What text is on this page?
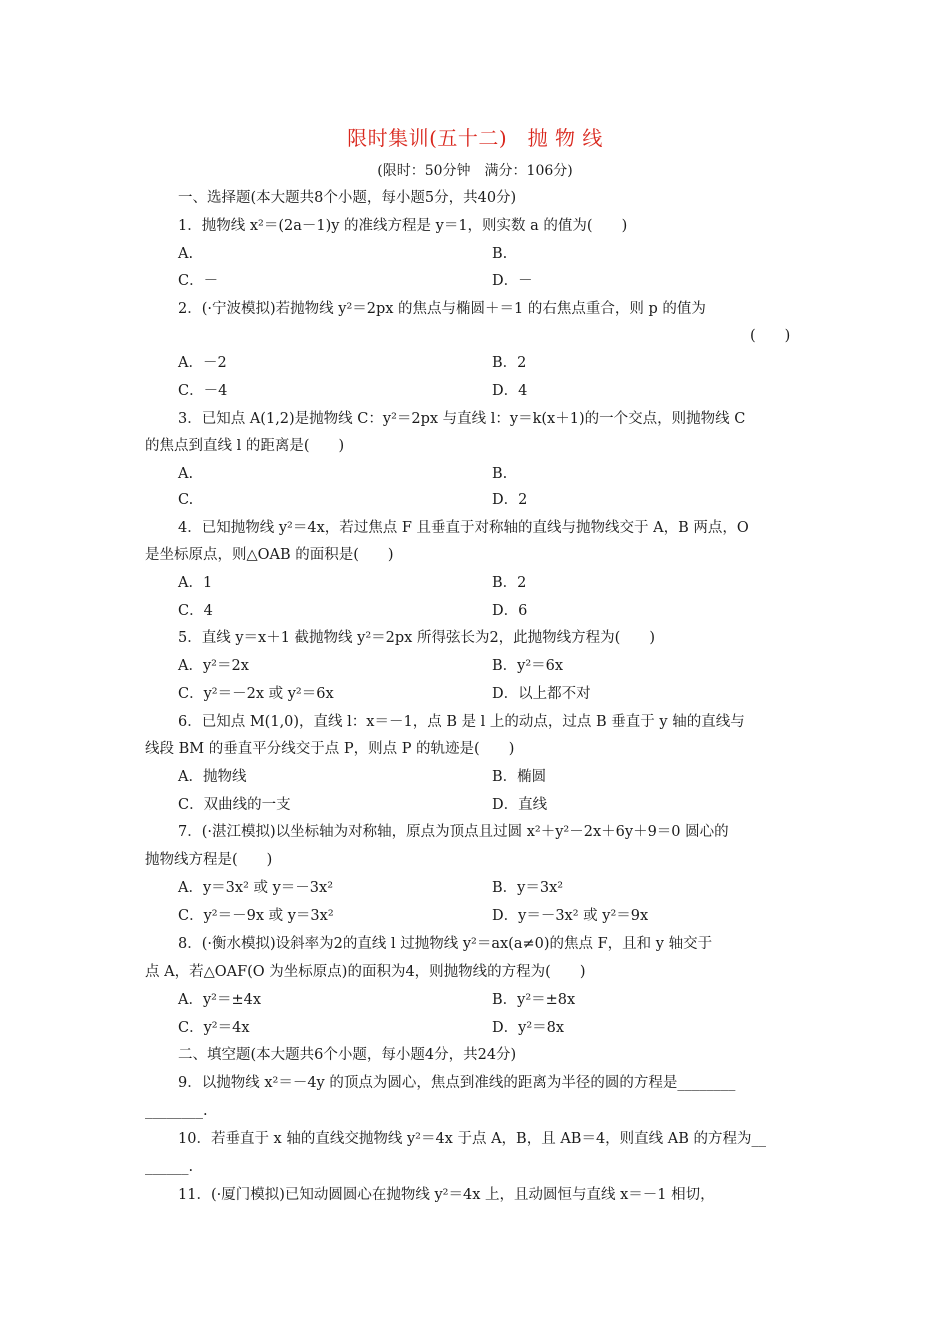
限时集训(五十二)　抛 物 线
(限时：50分钟　满分：106分)
一、选择题(本大题共8个小题，每小题5分，共40分)
1．抛物线 x²＝(2a－1)y 的准线方程是 y＝1，则实数 a 的值为(　　)
A.	B.
C．－	D．－
2．(·宁波模拟)若抛物线 y²＝2px 的焦点与椭圆＋＝1 的右焦点重合，则 p 的值为
(　　)
A．－2	B．2
C．－4	D．4
3．已知点 A(1,2)是抛物线 C：y²＝2px 与直线 l：y＝k(x＋1)的一个交点，则抛物线 C
的焦点到直线 l 的距离是(　　)
A.	B.
C.	D．2
4．已知抛物线 y²＝4x，若过焦点 F 且垂直于对称轴的直线与抛物线交于 A，B 两点，O
是坐标原点，则△OAB 的面积是(　　)
A．1	B．2
C．4	D．6
5．直线 y＝x＋1 截抛物线 y²＝2px 所得弦长为2，此抛物线方程为(　　)
A．y²＝2x	B．y²＝6x
C．y²＝－2x 或 y²＝6x	D．以上都不对
6．已知点 M(1,0)，直线 l：x＝－1，点 B 是 l 上的动点，过点 B 垂直于 y 轴的直线与
线段 BM 的垂直平分线交于点 P，则点 P 的轨迹是(　　)
A．抛物线	B．椭圆
C．双曲线的一支	D．直线
7．(·湛江模拟)以坐标轴为对称轴，原点为顶点且过圆 x²＋y²－2x＋6y＋9＝0 圆心的
抛物线方程是(　　)
A．y＝3x² 或 y＝－3x²	B．y＝3x²
C．y²＝－9x 或 y＝3x²	D．y＝－3x² 或 y²＝9x
8．(·衡水模拟)设斜率为2的直线 l 过抛物线 y²＝ax(a≠0)的焦点 F，且和 y 轴交于
点 A，若△OAF(O 为坐标原点)的面积为4，则抛物线的方程为(　　)
A．y²＝±4x	B．y²＝±8x
C．y²＝4x	D．y²＝8x
二、填空题(本大题共6个小题，每小题4分，共24分)
9．以抛物线 x²＝－4y 的顶点为圆心，焦点到准线的距离为半径的圆的方程是________
________.
10．若垂直于 x 轴的直线交抛物线 y²＝4x 于点 A，B，且 AB＝4，则直线 AB 的方程为__
______.
11．(·厦门模拟)已知动圆圆心在抛物线 y²＝4x 上，且动圆恒与直线 x＝－1 相切，
